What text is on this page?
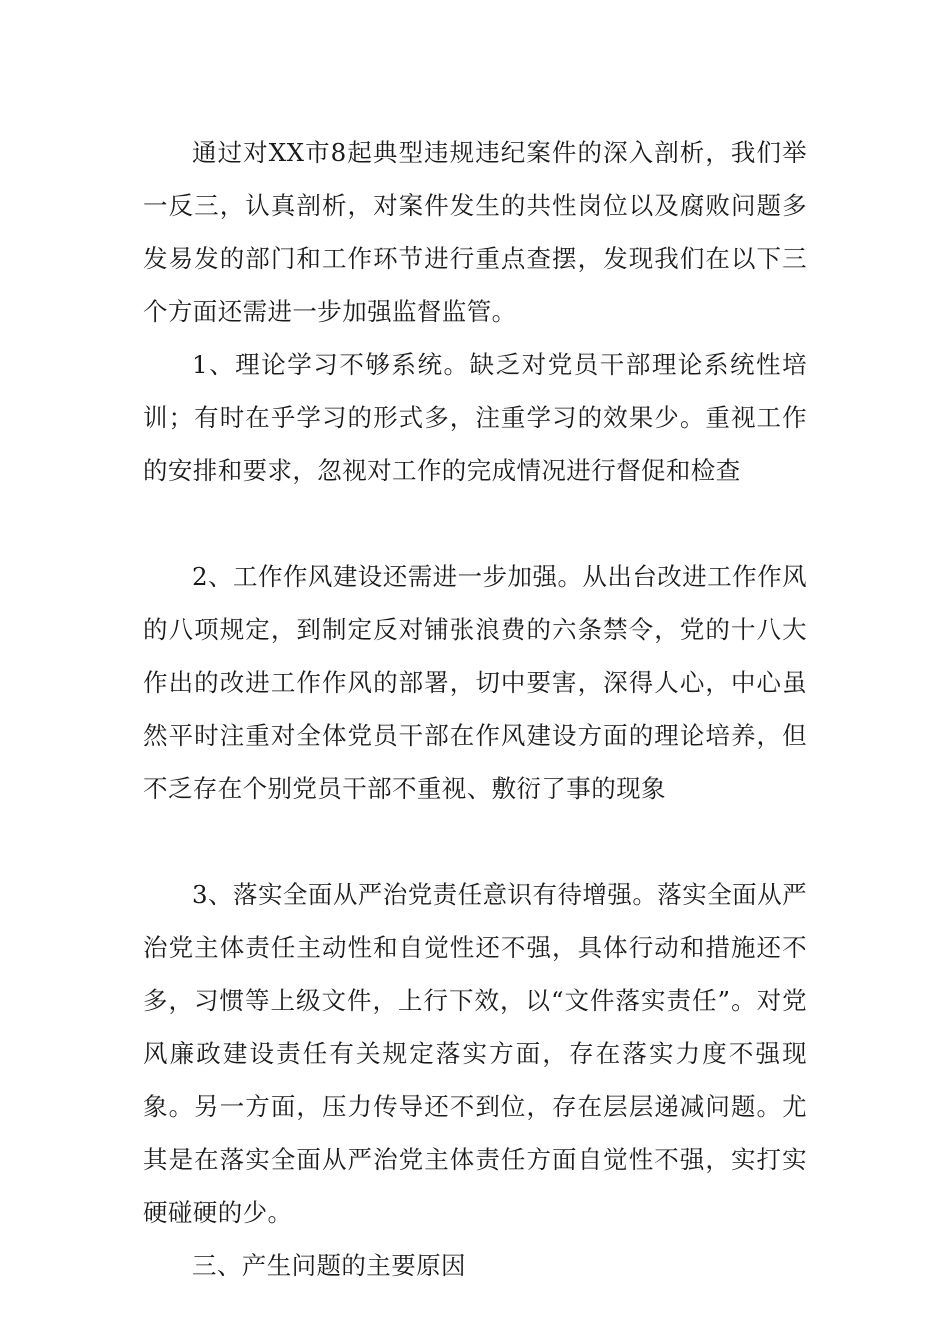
通过对XX市8起典型违规违纪案件的深入剖析，我们举一反三，认真剖析，对案件发生的共性岗位以及腐败问题多发易发的部门和工作环节进行重点查摆，发现我们在以下三个方面还需进一步加强监督监管。

1、理论学习不够系统。缺乏对党员干部理论系统性培训；有时在乎学习的形式多，注重学习的效果少。重视工作的安排和要求，忽视对工作的完成情况进行督促和检查

2、工作作风建设还需进一步加强。从出台改进工作作风的八项规定，到制定反对铺张浪费的六条禁令，党的十八大作出的改进工作作风的部署，切中要害，深得人心，中心虽然平时注重对全体党员干部在作风建设方面的理论培养，但不乏存在个别党员干部不重视、敷衍了事的现象

3、落实全面从严治党责任意识有待增强。落实全面从严治党主体责任主动性和自觉性还不强，具体行动和措施还不多，习惯等上级文件，上行下效，以“文件落实责任”。对党风廉政建设责任有关规定落实方面，存在落实力度不强现象。另一方面，压力传导还不到位，存在层层递减问题。尤其是在落实全面从严治党主体责任方面自觉性不强，实打实硬碰硬的少。

三、产生问题的主要原因
